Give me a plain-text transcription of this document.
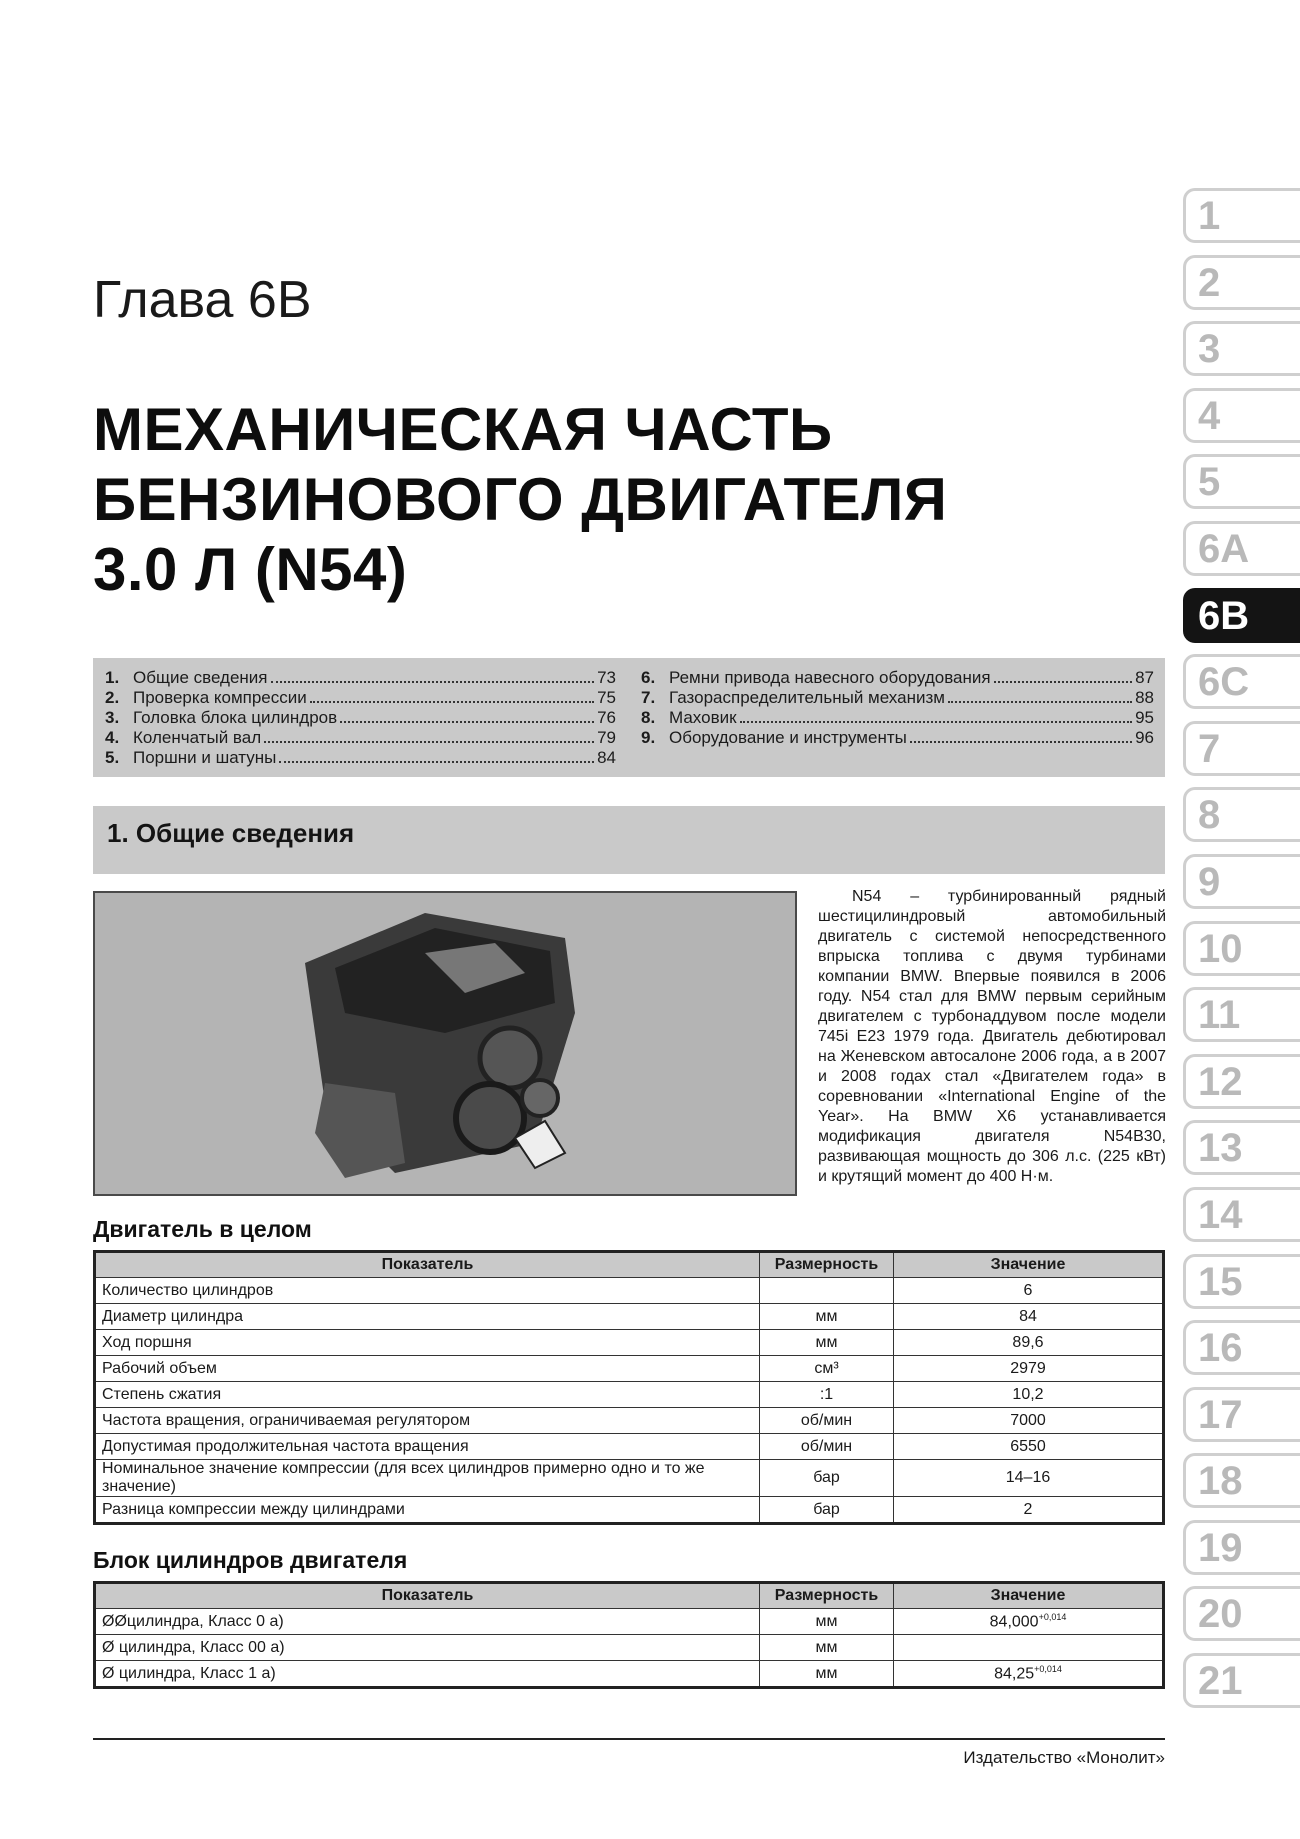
Глава 6B
МЕХАНИЧЕСКАЯ ЧАСТЬ
БЕНЗИНОВОГО ДВИГАТЕЛЯ
3.0 Л (N54)
1. Общие сведения	73
2. Проверка компрессии	75
3. Головка блока цилиндров	76
4. Коленчатый вал	79
5. Поршни и шатуны	84
6. Ремни привода навесного оборудования	87
7. Газораспределительный механизм	88
8. Маховик	95
9. Оборудование и инструменты	96
1. Общие сведения
N54 – турбинированный рядный шестицилиндровый автомобильный двигатель с системой непосредственного впрыска топлива с двумя турбинами компании BMW. Впервые появился в 2006 году. N54 стал для BMW первым серийным двигателем с турбонаддувом после модели 745i E23 1979 года. Двигатель дебютировал на Женевском автосалоне 2006 года, а в 2007 и 2008 годах стал «Двигателем года» в соревновании «International Engine of the Year». На BMW X6 устанавливается модификация двигателя N54B30, развивающая мощность до 306 л.с. (225 кВт) и крутящий момент до 400 Н·м.
Двигатель в целом
Показатель	Размерность	Значение
Количество цилиндров		6
Диаметр цилиндра	мм	84
Ход поршня	мм	89,6
Рабочий объем	см³	2979
Степень сжатия	:1	10,2
Частота вращения, ограничиваемая регулятором	об/мин	7000
Допустимая продолжительная частота вращения	об/мин	6550
Номинальное значение компрессии (для всех цилиндров примерно одно и то же значение)	бар	14–16
Разница компрессии между цилиндрами	бар	2
Блок цилиндров двигателя
Показатель	Размерность	Значение
ØØцилиндра, Класс 0 а)	мм	$84,000^{+0,014}$
Ø цилиндра, Класс 00 а)	мм	
Ø цилиндра, Класс 1 а)	мм	$84,25^{+0,014}$
Издательство «Монолит»
1
2
3
4
5
6A
6B
6C
7
8
9
10
11
12
13
14
15
16
17
18
19
20
21
